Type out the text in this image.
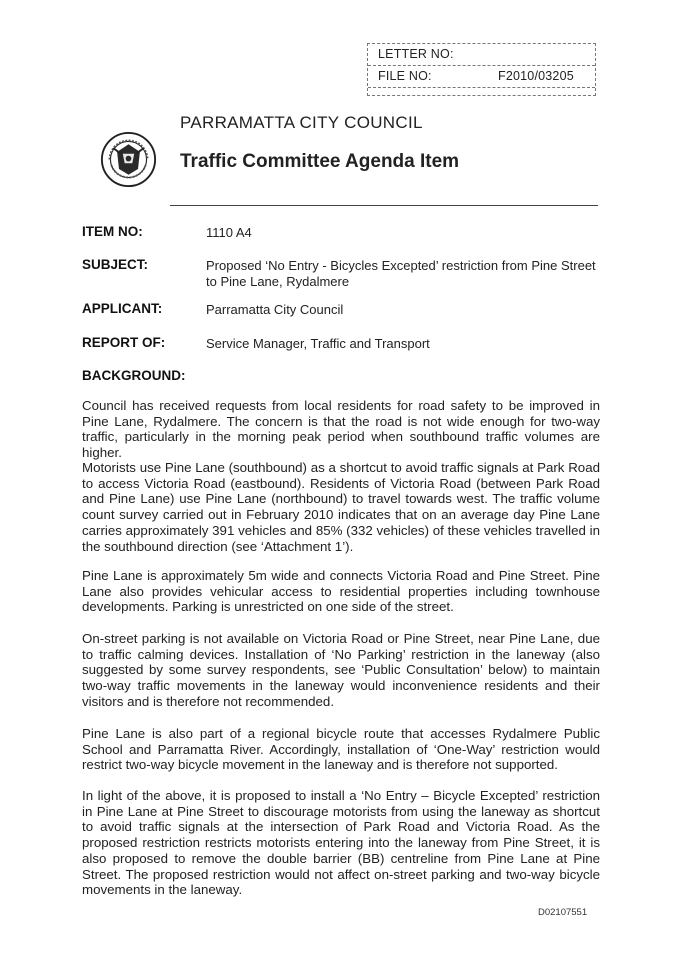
LETTER NO:
FILE NO:	F2010/03205
PARRAMATTA CITY COUNCIL
Traffic Committee Agenda Item
ITEM NO:	1110 A4
SUBJECT:	Proposed ‘No Entry - Bicycles Excepted’ restriction from Pine Street to Pine Lane, Rydalmere
APPLICANT:	Parramatta City Council
REPORT OF:	Service Manager, Traffic and Transport
BACKGROUND:
Council has received requests from local residents for road safety to be improved in Pine Lane, Rydalmere. The concern is that the road is not wide enough for two-way traffic, particularly in the morning peak period when southbound traffic volumes are higher.
Motorists use Pine Lane (southbound) as a shortcut to avoid traffic signals at Park Road to access Victoria Road (eastbound). Residents of Victoria Road (between Park Road and Pine Lane) use Pine Lane (northbound) to travel towards west. The traffic volume count survey carried out in February 2010 indicates that on an average day Pine Lane carries approximately 391 vehicles and 85% (332 vehicles) of these vehicles travelled in the southbound direction (see ‘Attachment 1’).
Pine Lane is approximately 5m wide and connects Victoria Road and Pine Street. Pine Lane also provides vehicular access to residential properties including townhouse developments. Parking is unrestricted on one side of the street.
On-street parking is not available on Victoria Road or Pine Street, near Pine Lane, due to traffic calming devices. Installation of ‘No Parking’ restriction in the laneway (also suggested by some survey respondents, see ‘Public Consultation’ below) to maintain two-way traffic movements in the laneway would inconvenience residents and their visitors and is therefore not recommended.
Pine Lane is also part of a regional bicycle route that accesses Rydalmere Public School and Parramatta River. Accordingly, installation of ‘One-Way’ restriction would restrict two-way bicycle movement in the laneway and is therefore not supported.
In light of the above, it is proposed to install a ‘No Entry – Bicycle Excepted’ restriction in Pine Lane at Pine Street to discourage motorists from using the laneway as shortcut to avoid traffic signals at the intersection of Park Road and Victoria Road. As the proposed restriction restricts motorists entering into the laneway from Pine Street, it is also proposed to remove the double barrier (BB) centreline from Pine Lane at Pine Street. The proposed restriction would not affect on-street parking and two-way bicycle movements in the laneway.
D02107551
